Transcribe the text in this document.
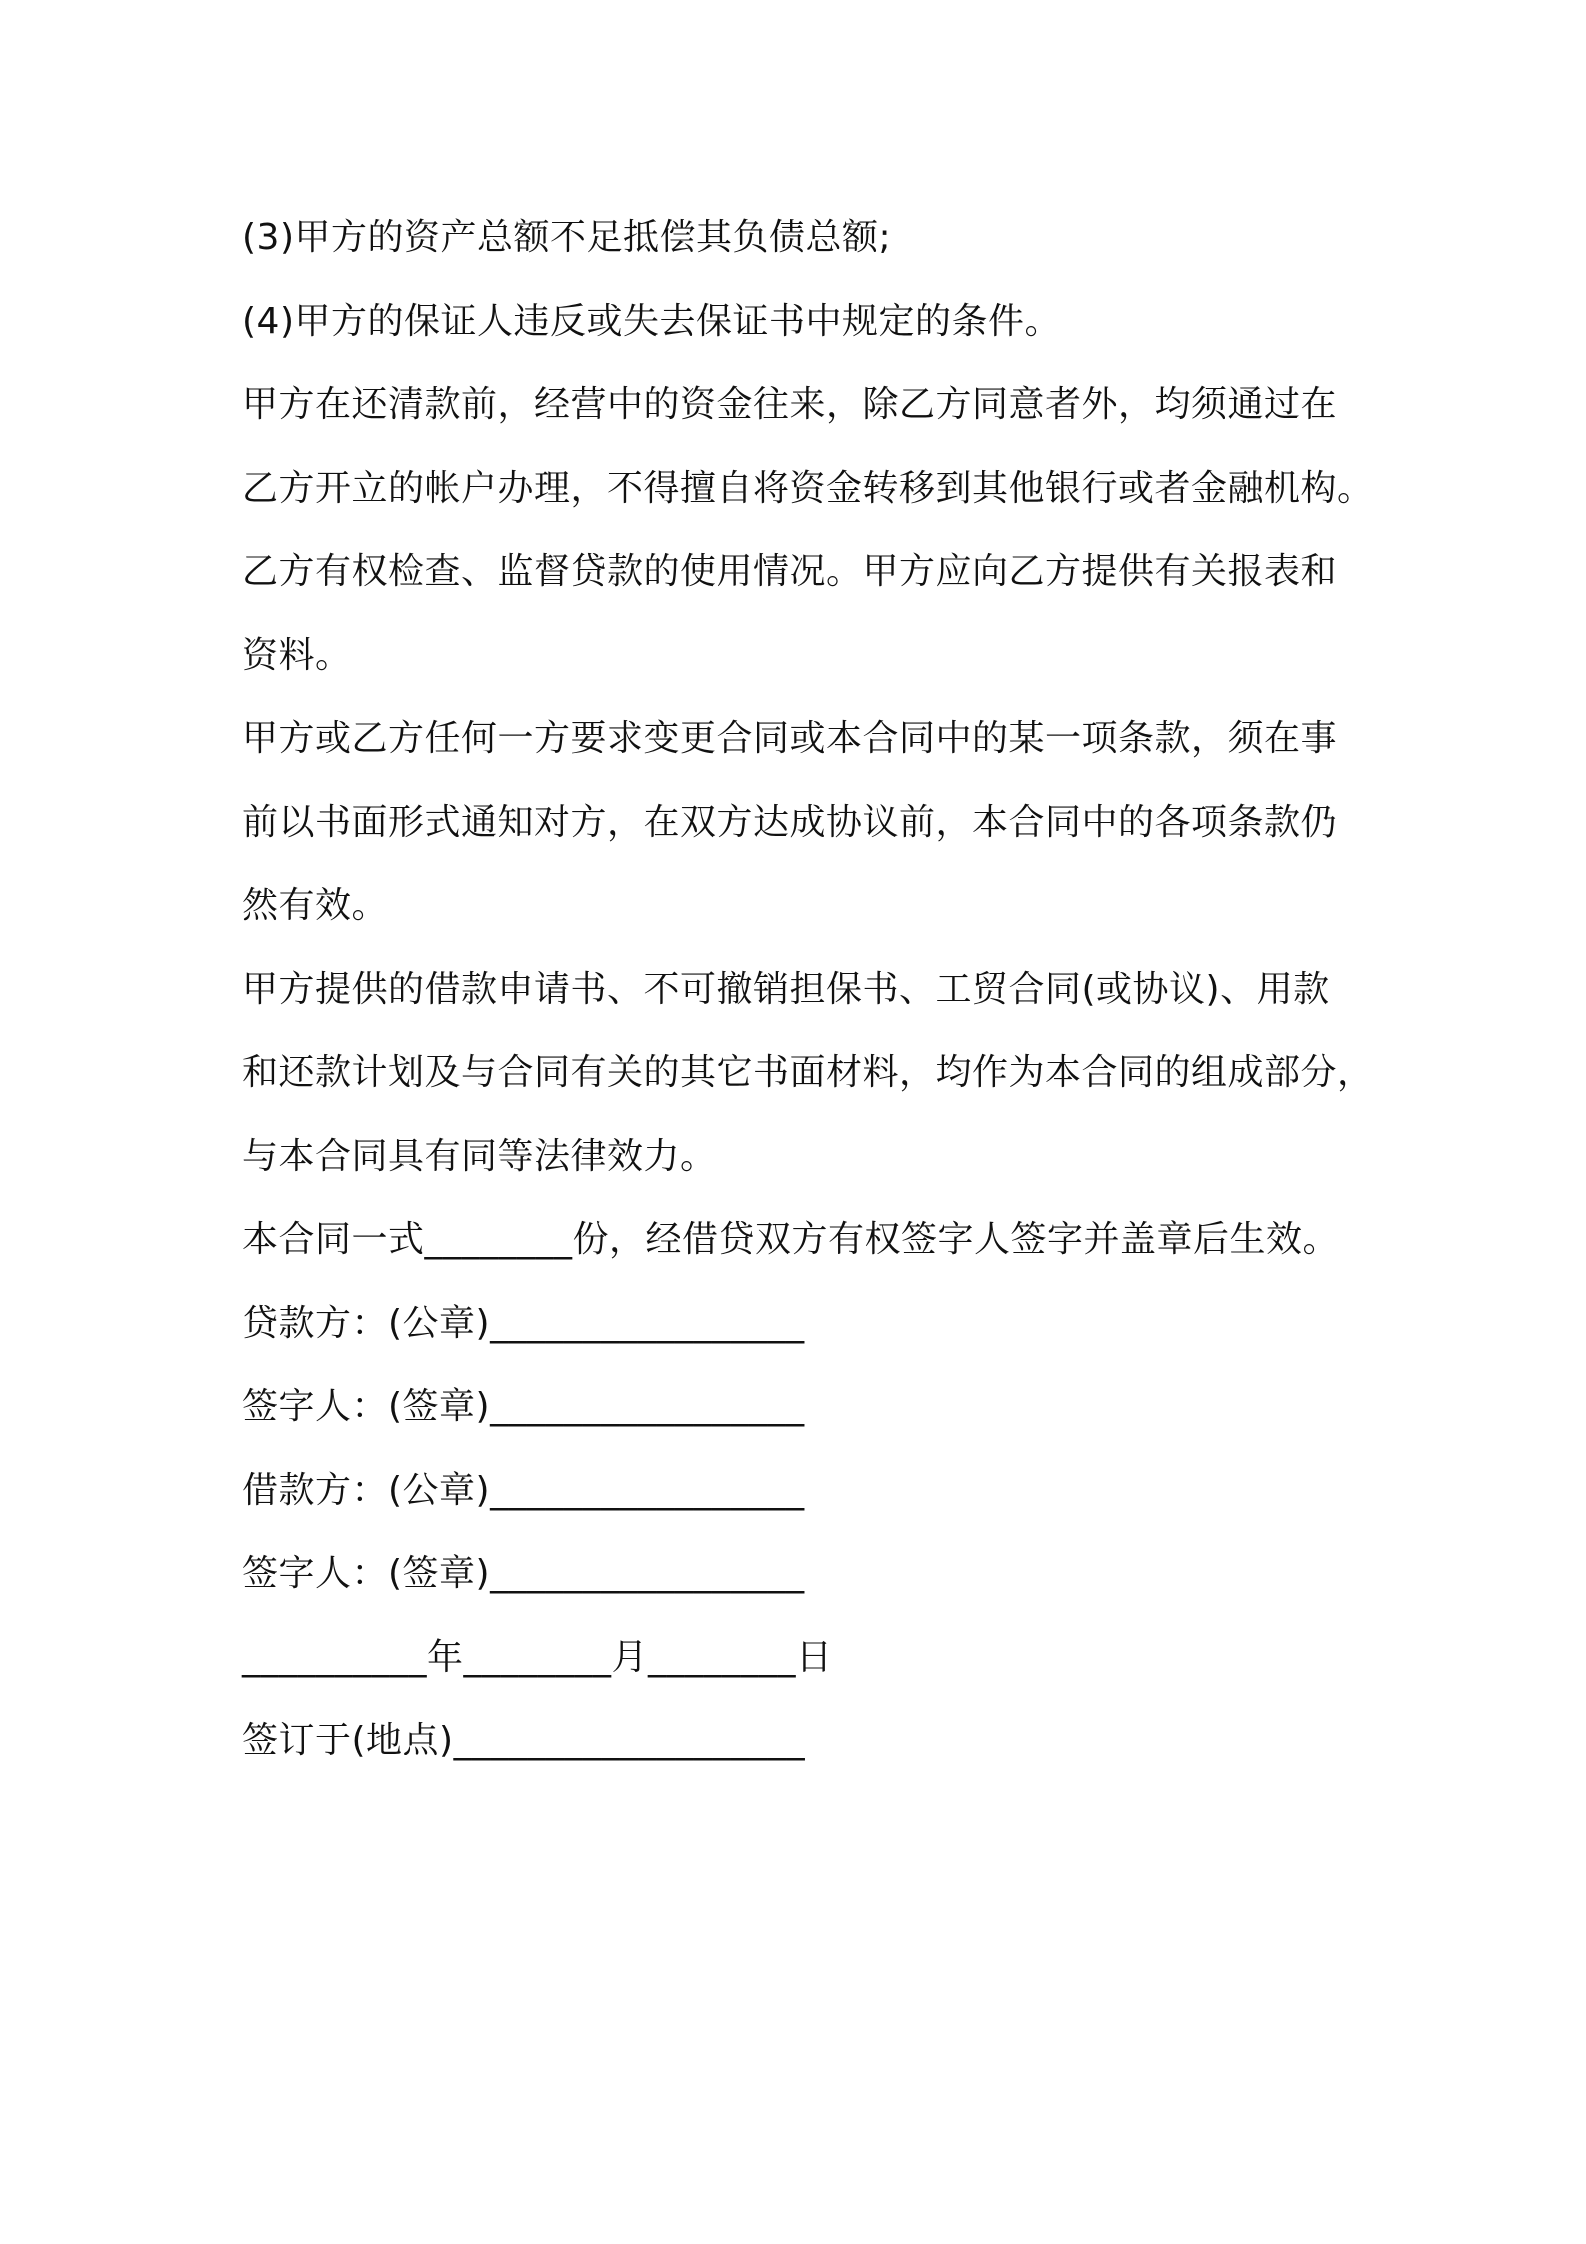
(3)甲方的资产总额不足抵偿其负债总额;
(4)甲方的保证人违反或失去保证书中规定的条件。
甲方在还清款前，经营中的资金往来，除乙方同意者外，均须通过在
乙方开立的帐户办理，不得擅自将资金转移到其他银行或者金融机构。
乙方有权检查、监督贷款的使用情况。甲方应向乙方提供有关报表和
资料。
甲方或乙方任何一方要求变更合同或本合同中的某一项条款，须在事
前以书面形式通知对方，在双方达成协议前，本合同中的各项条款仍
然有效。
甲方提供的借款申请书、不可撤销担保书、工贸合同(或协议)、用款
和还款计划及与合同有关的其它书面材料，均作为本合同的组成部分，
与本合同具有同等法律效力。
本合同一式________份，经借贷双方有权签字人签字并盖章后生效。
贷款方：(公章)_________________
签字人：(签章)_________________
借款方：(公章)_________________
签字人：(签章)_________________
__________年________月________日
签订于(地点)___________________
